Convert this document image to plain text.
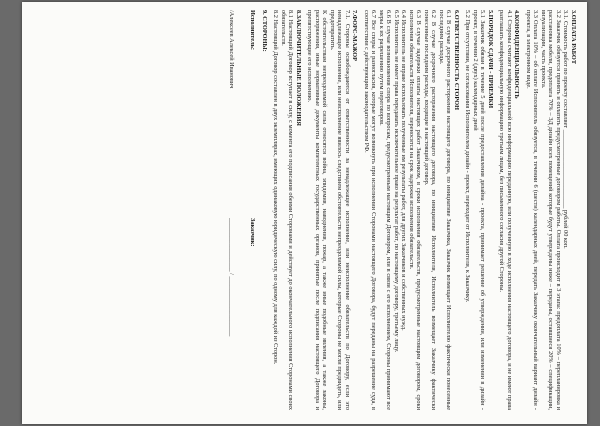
3.ОПЛАТА РАБОТ

3.1. Стоимость работ по проекту составляет _________________________ рублей 00 коп.

3.2 Заказчик обязуется принять и оплатить предусмотренные договором работы. Оплата происходит в 3 этапа: предоплата 10% – перепланировка и расстановка мебели, предоплата 70% – 3Д дизайн всех помещений которые будут утверждены ниже – переданы, оставшиеся 20% – спецификации, визуализации, часть проекта.

3.3 Оплата 10% – об оплате Исполнитель обязуется, в течении 6 (шести) календарных дней, передать Заказчику окончательный вариант дизайн - проекта, в электронном виде.

4.КОНФИДЕНЦИАЛЬНОСТЬ

4.1 Стороны считают конфиденциальной всю информацию переданную, или полученную в ходе исполнения настоящего договора, и не имеют права разглашать конфиденциальную информацию третьим лицам, без письменного согласия другой Стороны.

5.ПОРЯДОК СДАЧИ - ПРИЕМКИ

5.1 Заказчик обязан в течение 5 дней после предоставления дизайна - проекта, принимает решение об утверждении, или изменении в дизайн - проект, в течении 2 (двух) календарных дней

5.2 При отсутствии, не согласования Исполнителем дизайн - проект, переходит от Исполнителя, к Заказчику.

6.ОТВЕТСТВЕННОСТЬ СТОРОН

6.1 В случае досрочного расторжения настоящего договора, по инициативе Заказчика, Заказчик возмещает Исполнителю фактически понесенные последним расходы.

6.2 В случае досрочного расторжения настоящего договора, по инициативе Исполнителя, Исполнитель возмещает Заказчику фактически понесенные последним расходы, входящие в настоящий договор.

6.3 В случае задержки оплаты настоящих работ Заказчиком, в сроки исполнения обязательств, предусмотренные настоящим договором, сроки исполнения обязательств Исполнителя, переносятся на срок задержки исполнения обязательств.

6.4 Исполнитель не вправе использовать полученные им результаты работ, для других Заказчиков и собственных нужд.

6.5 Исполнитель не имеет права передавать исключительное право на результат работ, по настоящему договору, третьему лицу.

6.6 В случае возникновения спора по вопросам, предусмотренным настоящим Договором, или в связи с его исполнением, Стороны принимают все меры к их разрешению путем переговоров.

6.7 Все споры и разногласия, которые могут возникнуть при исполнении Сторонами настоящего Договора, будут переданы на разрешение суда, в соответствии с действующим законодательством РФ.

7.ФОРС-МАЖОР

7.1. Стороны освобождаются от ответственности за ненадлежащее исполнение, или неисполнение обязательств по Договору, если это ненадлежащее исполнение, или неисполнение явилось следствием обстоятельств непреодолимой силы, которые Стороны не могли предвидеть, или предотвратить.

К обстоятельствам непреодолимой силы относятся война, эпидемия, наводнения, пожар, а также иные подобные явления, а также законы, распоряжения, иные нормативные документы компетентных государственных органов, принятые после подписания настоящего Договора и препятствующие его исполнению.

8.ЗАКЛЮЧИТЕЛЬНЫЕ ПОЛОЖЕНИЯ

8.1 Настоящий Договор вступает в силу, с момента его подписания обеими Сторонами и действует до окончательного исполнения Сторонами своих обязательств.

8.2 Настоящий Договор составлен в двух экземплярах, имеющих одинаковую юридическую силу, по одному для каждой из Сторон.

9. СТОРОНЫ:

Исполнитель:

/Алексеев Алексей Иванович

Заказчик:

_________________ / ___________________
